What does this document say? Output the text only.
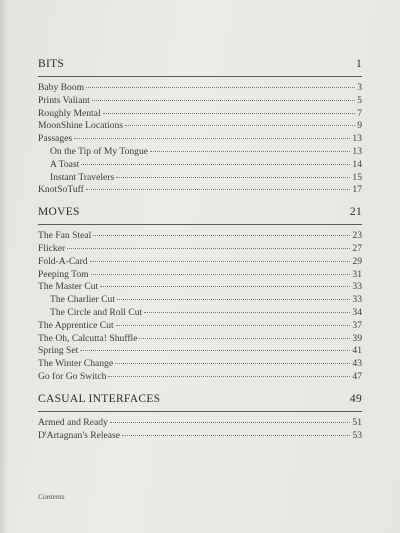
BITS	1
Baby Boom	3
Prints Valiant	5
Roughly Mental	7
MoonShine Locations	9
Passages	13
On the Tip of My Tongue	13
A Toast	14
Instant Travelers	15
KnotSoTuff	17
MOVES	21
The Fan Steal	23
Flicker	27
Fold-A-Card	29
Peeping Tom	31
The Master Cut	33
The Charlier Cut	33
The Circle and Roll Cut	34
The Apprentice Cut	37
The Oh, Calcutta! Shuffle	39
Spring Set	41
The Winter Change	43
Go for Go Switch	47
CASUAL INTERFACES	49
Armed and Ready	51
D'Artagnan's Release	53
Contents
